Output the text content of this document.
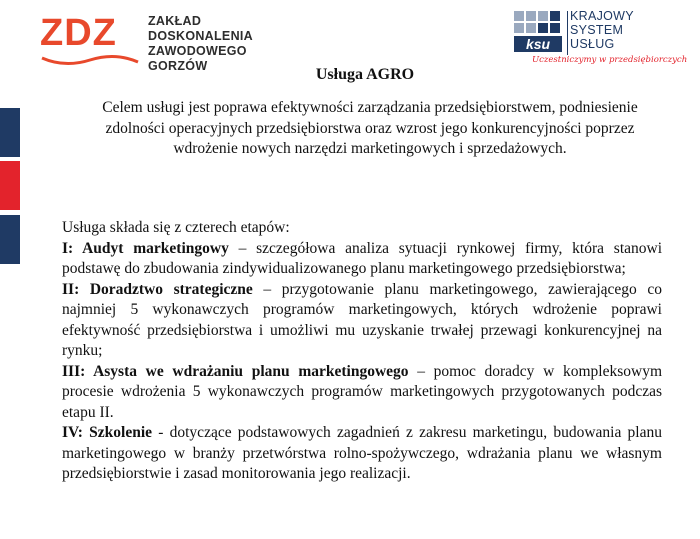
ZDZ ZAKŁAD
DOSKONALENIA
ZAWODOWEGO
GORZÓW
ksu
KRAJOWY
SYSTEM
USŁUG
Uczestniczymy w przedsiębiorczych
Usługa AGRO
Celem usługi jest poprawa efektywności zarządzania przedsiębiorstwem, podniesienie zdolności operacyjnych przedsiębiorstwa oraz wzrost jego konkurencyjności poprzez wdrożenie nowych narzędzi marketingowych i sprzedażowych.

Usługa składa się z czterech etapów:

I: Audyt marketingowy – szczegółowa analiza sytuacji rynkowej firmy, która stanowi podstawę do zbudowania zindywidualizowanego planu marketingowego przedsiębiorstwa;

II: Doradztwo strategiczne – przygotowanie planu marketingowego, zawierającego co najmniej 5 wykonawczych programów marketingowych, których wdrożenie poprawi efektywność przedsiębiorstwa i umożliwi mu uzyskanie trwałej przewagi konkurencyjnej na rynku;

III: Asysta we wdrażaniu planu marketingowego – pomoc doradcy w kompleksowym procesie wdrożenia 5 wykonawczych programów marketingowych przygotowanych podczas etapu II.

IV: Szkolenie - dotyczące podstawowych zagadnień z zakresu marketingu, budowania planu marketingowego w branży przetwórstwa rolno-spożywczego, wdrażania planu we własnym przedsiębiorstwie i zasad monitorowania jego realizacji.
